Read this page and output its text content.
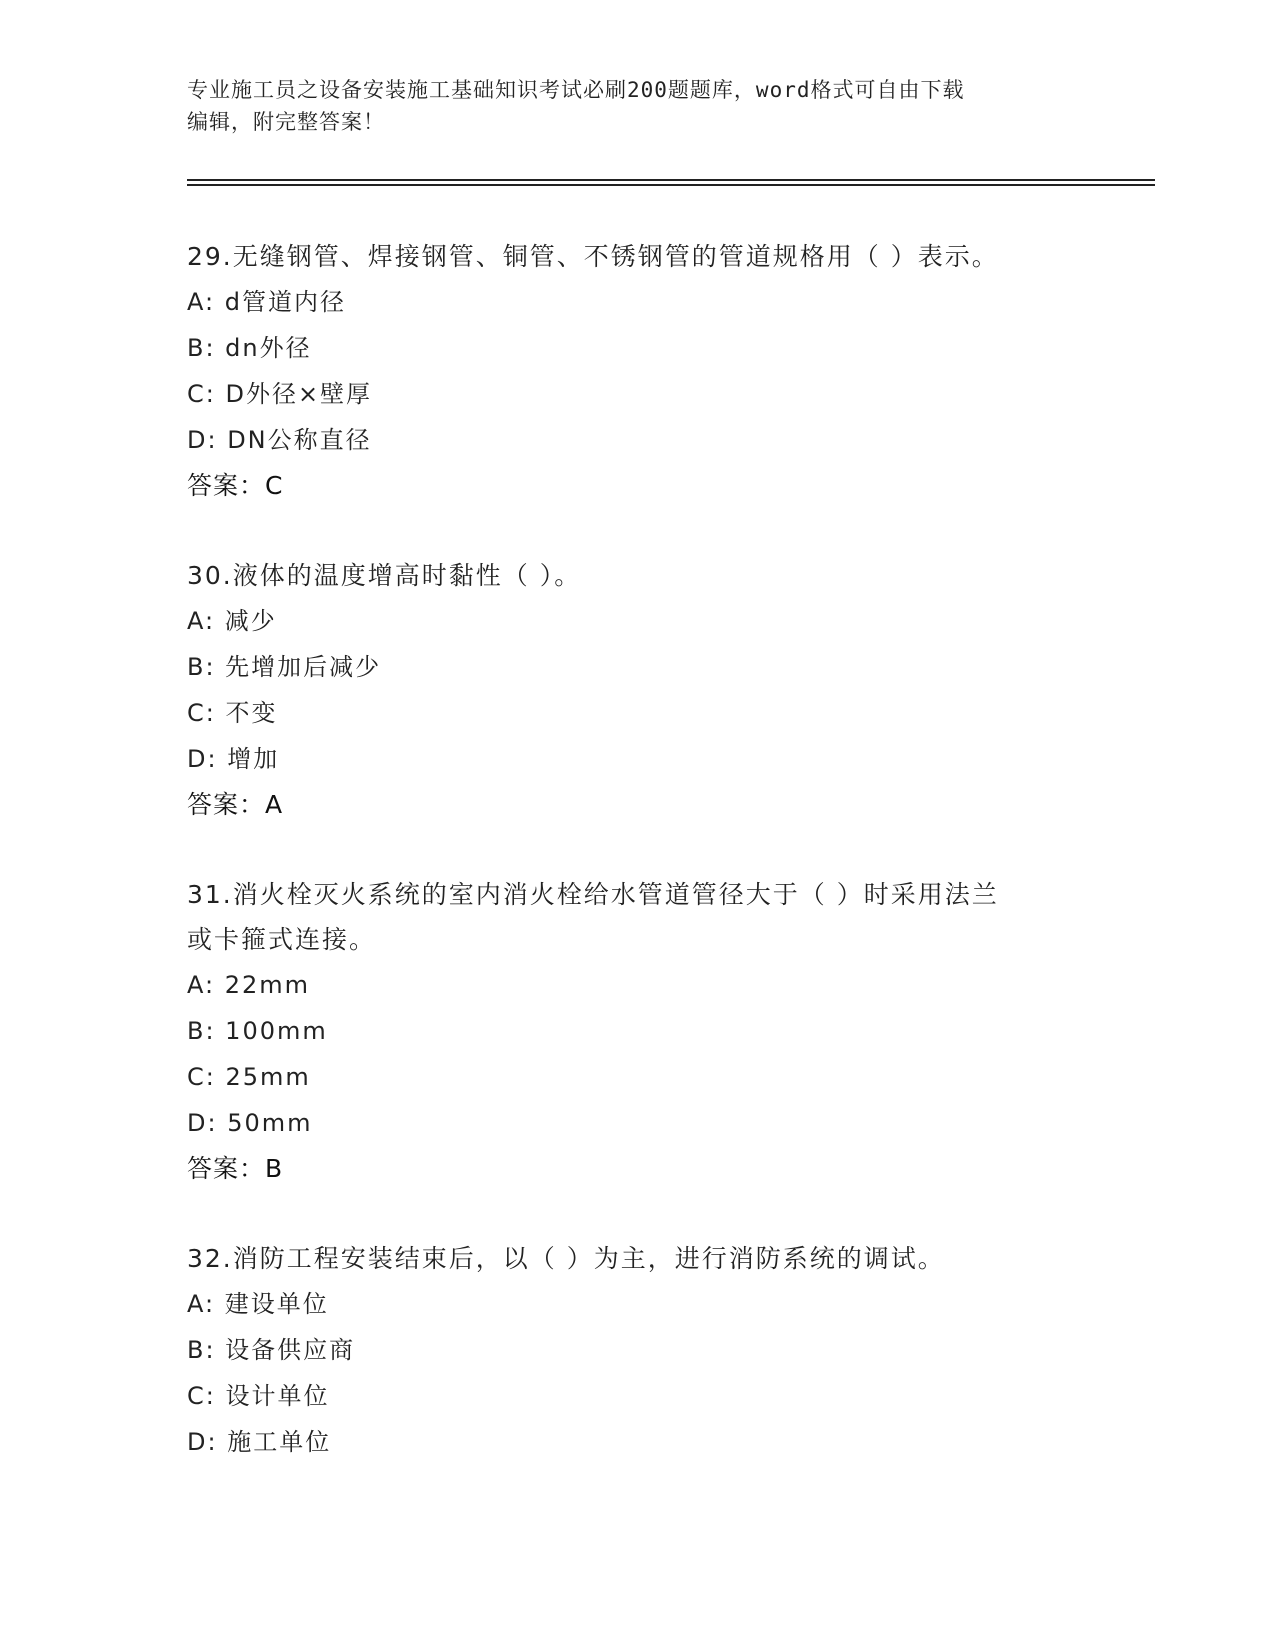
专业施工员之设备安装施工基础知识考试必刷200题题库，word格式可自由下载
编辑，附完整答案！

29.无缝钢管、焊接钢管、铜管、不锈钢管的管道规格用（ ）表示。

A: d管道内径

B: dn外径

C: D外径×壁厚

D: DN公称直径

答案：C

30.液体的温度增高时黏性（ ）。

A: 减少

B: 先增加后减少

C: 不变

D: 增加

答案：A

31.消火栓灭火系统的室内消火栓给水管道管径大于（ ）时采用法兰

或卡箍式连接。

A: 22mm

B: 100mm

C: 25mm

D: 50mm

答案：B

32.消防工程安装结束后，以（ ）为主，进行消防系统的调试。

A: 建设单位

B: 设备供应商

C: 设计单位

D: 施工单位
